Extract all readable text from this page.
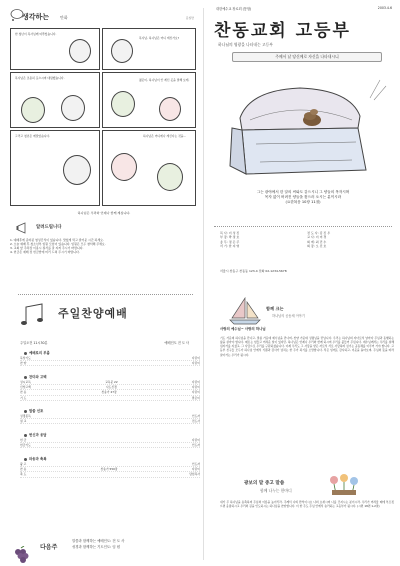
생각하는	만화	문일반
한 청년이 목사님께 여쭈었습니다.
목사님, 하나님은 어디 계신가요?
목사님은 조용히 웃으시며 대답했습니다.	젊은이, 하나님이 안 계신 곳을 말해 보게.
그리고 청년은 깨달았습니다.	하나님은 어디에나 계신다는 것을...
하나님은 우리와 언제나 함께 계십니다.
알려드립니다
1. 예배후에 준비된 영성간식이 있습니다. 맛있게 먹고 즐거운 시간 되세요.
2. 오늘 예배 후 청소년부 임원 모임이 있습니다. 임원은 모두 참석해 주세요.
3. 교회 앞 주차장 이용시 질서를 잘 지켜 주시기 바랍니다.
4. 헌금은 예배 전 헌금함에 미리 드려 주시기 바랍니다.
주일찬양예배
주일오전 11시30분	예배인도 전 도 사
예배로의 부름
묵상기도	다같이
찬 양	다같이
찬미와 고백
성시교독	교독문 22	다같이
신앙고백	사도신경	다같이
찬 송	찬송가 27장	다같이
기 도	맡은이
말씀 선포
성경봉독	인도자
설 교	전도사
헌신과 응답
헌 금	다같이
헌금기도	인도자
파송과 축복
광 고	인도자
찬 송	찬송가 550장	다같이
축 도	담임목사
다음주
말씀과 함께하는 예배인도: 전 도 사
성경과 함께하는 기도인도: 임 원
대한예수교 장로회 (통합)	2003.4.6
찬동교회 고등부
하나님의 영광을 나타내는 고등부
주께서 날 당신께로 자신을 나타내시니

그는 광야에서 한 알의 씨와도 같으시니 그 양들의 목자시며

목자 없이 버려진 양들을 찾으러 오시는 분이시라

(요한복음 10장 11절)

목 사: 이 성 진	전 도 사: 김 진 우
부 장: 박 정 호	교 사: 이 미 경
총 무: 정 은 주	회 계: 최 민 수
서 기: 한 지 영	회 장: 오 진 호
서울시 찬동구 찬동동 123-4 전화 02-1234-5678
함께 크는
하나님의 공동체 이야기
사랑의 예수님~ 사랑의 하나님

기도 가운데 하나님을 만나고, 말씀 가운데 예수님을 만나며, 찬양 가운데 성령님을 만납니다. 우리는 하나님의 자녀로서 날마다 주님과 동행하는 삶을 살아야 합니다. 때로는 힘들고 어려운 일이 있지만, 하나님은 언제나 우리와 함께 하시며 우리를 붙들어 주십니다. 예수님께서는 우리를 위해 십자가를 지셨고, 그 사랑으로 우리를 구원하셨습니다. 이제 우리도 그 사랑을 받은 자로서 서로 사랑하며 섬기는 공동체를 이루어 가야 합니다. 고등부 친구들 모두가 하나님 안에서 기쁨과 감사가 넘치는 한 주가 되기를 소망합니다. 작은 일에도 감사하고, 이웃을 돌아보며, 주님의 뜻을 따라 살아가는 우리가 됩시다.

광보의 말 중고 말씀
함께 나누는 한마디

내가 주 하나님을 송축하며 주님의 이름을 높이리라. 주께서 나의 반석이시요 나의 요새시며 나를 건지시는 분이시라. 우리가 어려울 때에 부르짖으면 응답하시고 우리의 길을 인도하시는 하나님을 찬양합니다. 이 한 주도 주님 안에서 승리하는 고등부가 됩시다. (시편 18편 1-2절)
